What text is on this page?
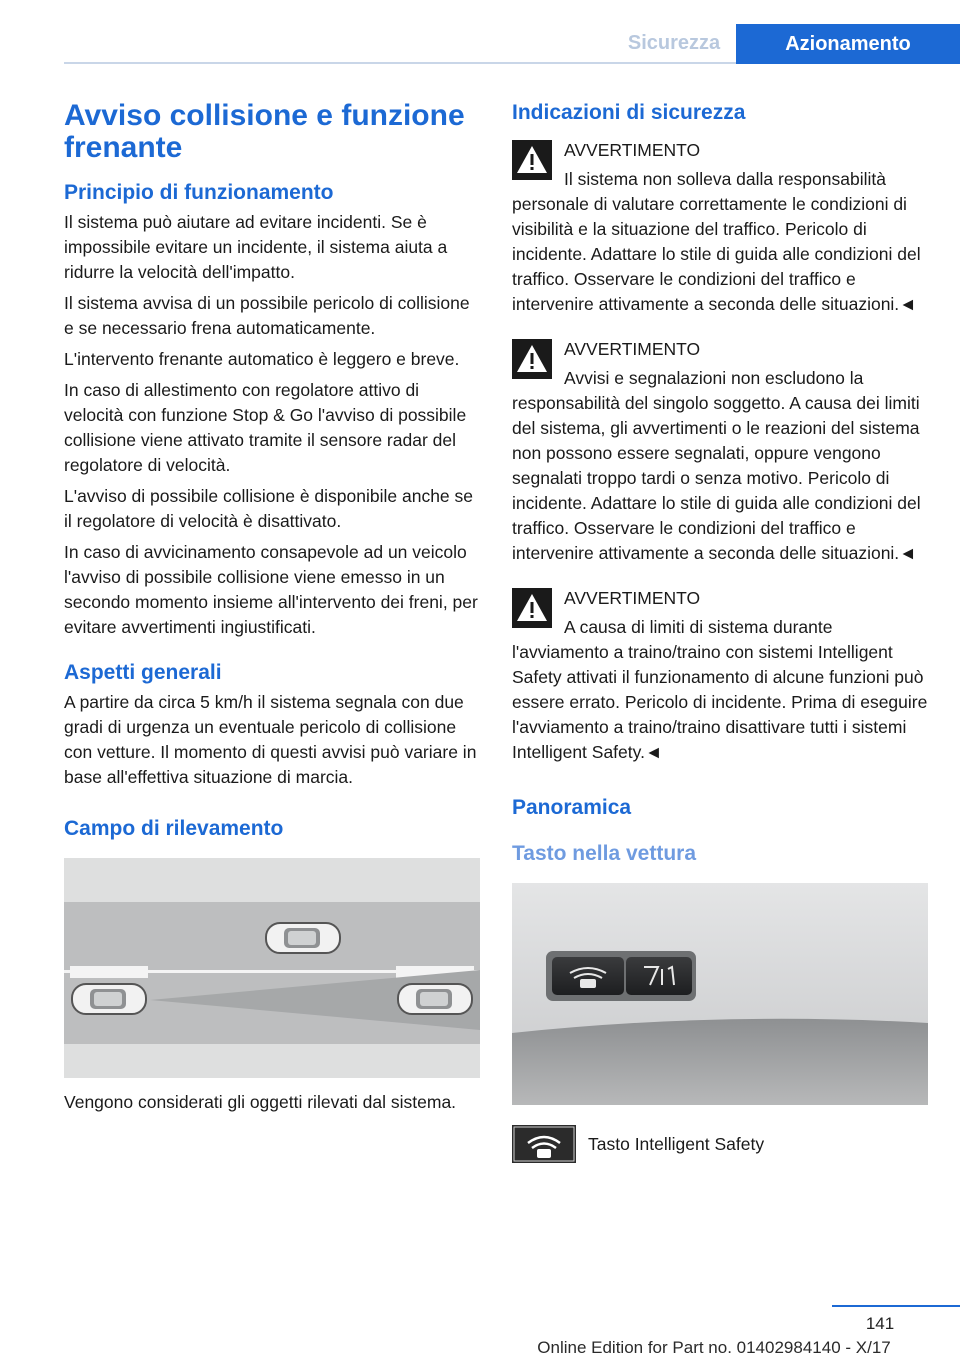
Sicurezza	Azionamento
Avviso collisione e funzione frenante
Principio di funzionamento

Il sistema può aiutare ad evitare incidenti. Se è impossibile evitare un incidente, il sistema aiuta a ridurre la velocità dell'impatto.

Il sistema avvisa di un possibile pericolo di collisione e se necessario frena automaticamente.

L'intervento frenante automatico è leggero e breve.

In caso di allestimento con regolatore attivo di velocità con funzione Stop & Go l'avviso di possibile collisione viene attivato tramite il sensore radar del regolatore di velocità.

L'avviso di possibile collisione è disponibile anche se il regolatore di velocità è disattivato.

In caso di avvicinamento consapevole ad un veicolo l'avviso di possibile collisione viene emesso in un secondo momento insieme all'intervento dei freni, per evitare avvertimenti ingiustificati.

Aspetti generali

A partire da circa 5 km/h il sistema segnala con due gradi di urgenza un eventuale pericolo di collisione con vetture. Il momento di questi avvisi può variare in base all'effettiva situazione di marcia.

Campo di rilevamento

Vengono considerati gli oggetti rilevati dal sistema.

Indicazioni di sicurezza
AVVERTIMENTO

Il sistema non solleva dalla responsabilità personale di valutare correttamente le condizioni di visibilità e la situazione del traffico. Pericolo di incidente. Adattare lo stile di guida alle condizioni del traffico. Osservare le condizioni del traffico e intervenire attivamente a seconda delle situazioni.◄

AVVERTIMENTO

Avvisi e segnalazioni non escludono la responsabilità del singolo soggetto. A causa dei limiti del sistema, gli avvertimenti o le reazioni del sistema non possono essere segnalati, oppure vengono segnalati troppo tardi o senza motivo. Pericolo di incidente. Adattare lo stile di guida alle condizioni del traffico. Osservare le condizioni del traffico e intervenire attivamente a seconda delle situazioni.◄

AVVERTIMENTO

A causa di limiti di sistema durante l'avviamento a traino/traino con sistemi Intelligent Safety attivati il funzionamento di alcune funzioni può essere errato. Pericolo di incidente. Prima di eseguire l'avviamento a traino/traino disattivare tutti i sistemi Intelligent Safety.◄

Panoramica
Tasto nella vettura
Tasto Intelligent Safety
141
Online Edition for Part no. 01402984140 - X/17
